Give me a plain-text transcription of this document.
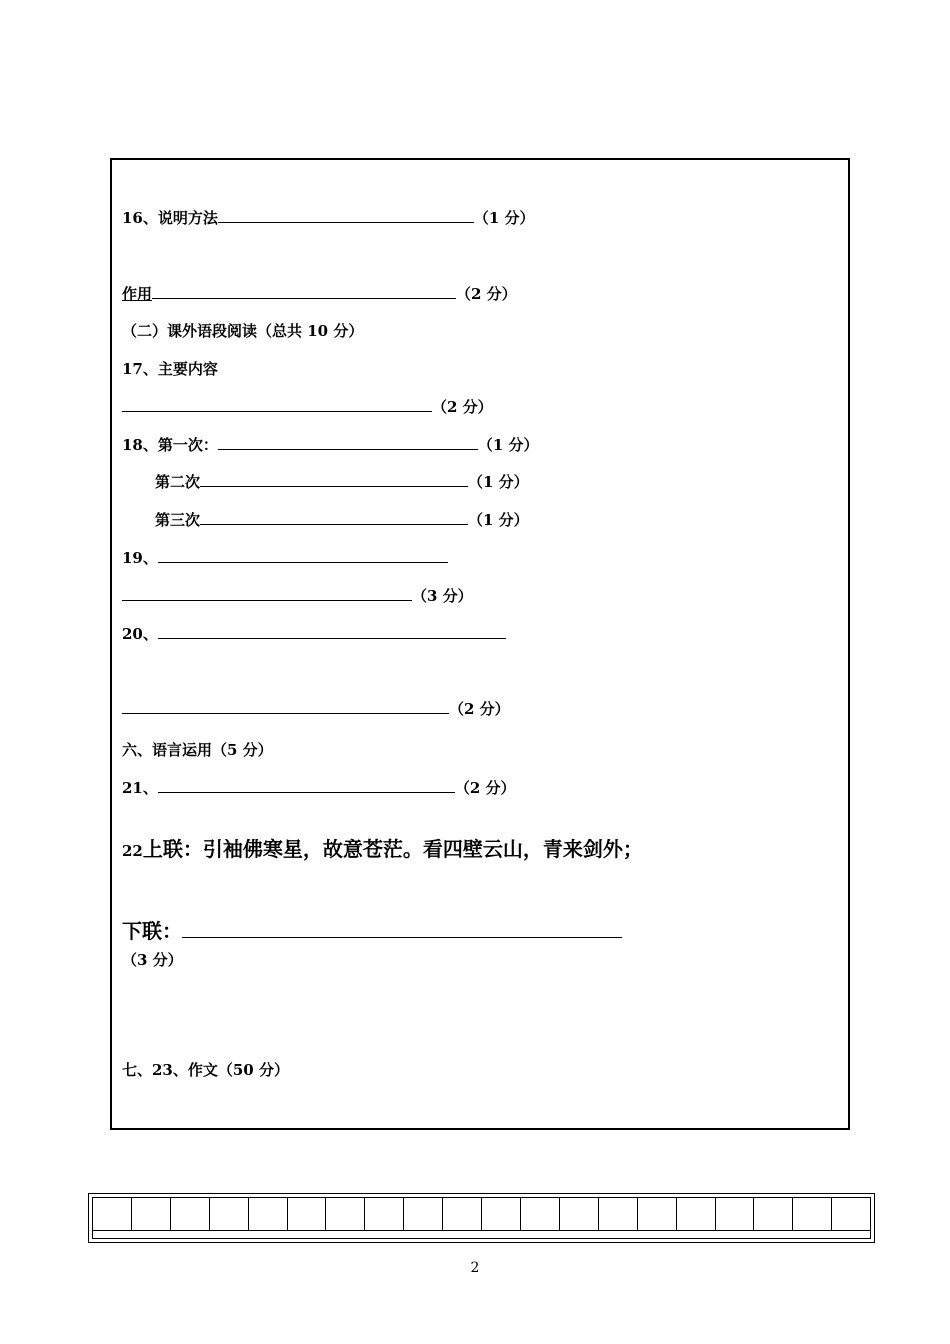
16、说明方法	（1 分）
作用	（2 分）
（二）课外语段阅读（总共 10 分）
17、主要内容
（2 分）
18、第一次：	（1 分）
第二次	（1 分）
第三次	（1 分）
19、
（3 分）
20、
（2 分）
六、语言运用（5 分）
21、	（2 分）
22上联：引袖佛寒星，故意苍茫。看四壁云山，青来剑外；
下联：
（3 分）
七、23、作文（50 分）
2
